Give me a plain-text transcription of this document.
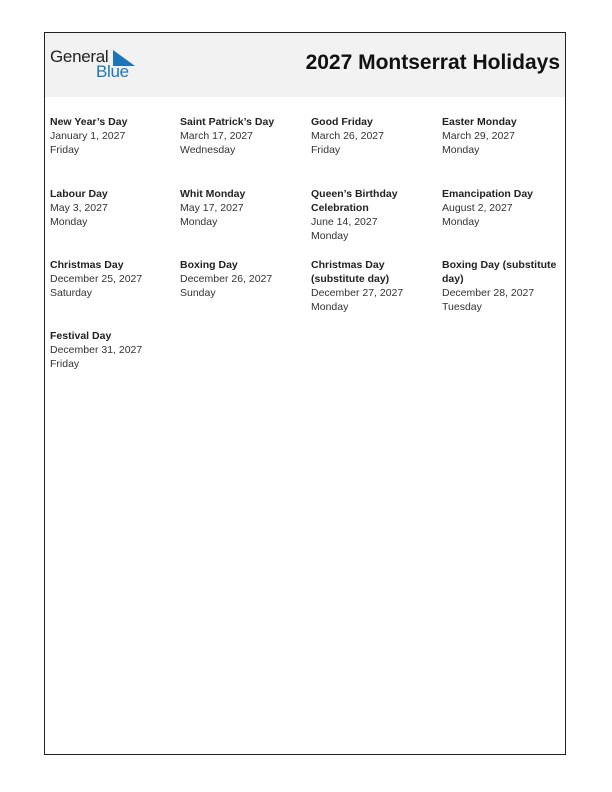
General
Blue	2027 Montserrat Holidays
New Year’s Day
January 1, 2027
Friday
Saint Patrick’s Day
March 17, 2027
Wednesday
Good Friday
March 26, 2027
Friday
Easter Monday
March 29, 2027
Monday
Labour Day
May 3, 2027
Monday
Whit Monday
May 17, 2027
Monday
Queen’s Birthday Celebration
June 14, 2027
Monday
Emancipation Day
August 2, 2027
Monday
Christmas Day
December 25, 2027
Saturday
Boxing Day
December 26, 2027
Sunday
Christmas Day (substitute day)
December 27, 2027
Monday
Boxing Day (substitute day)
December 28, 2027
Tuesday
Festival Day
December 31, 2027
Friday
